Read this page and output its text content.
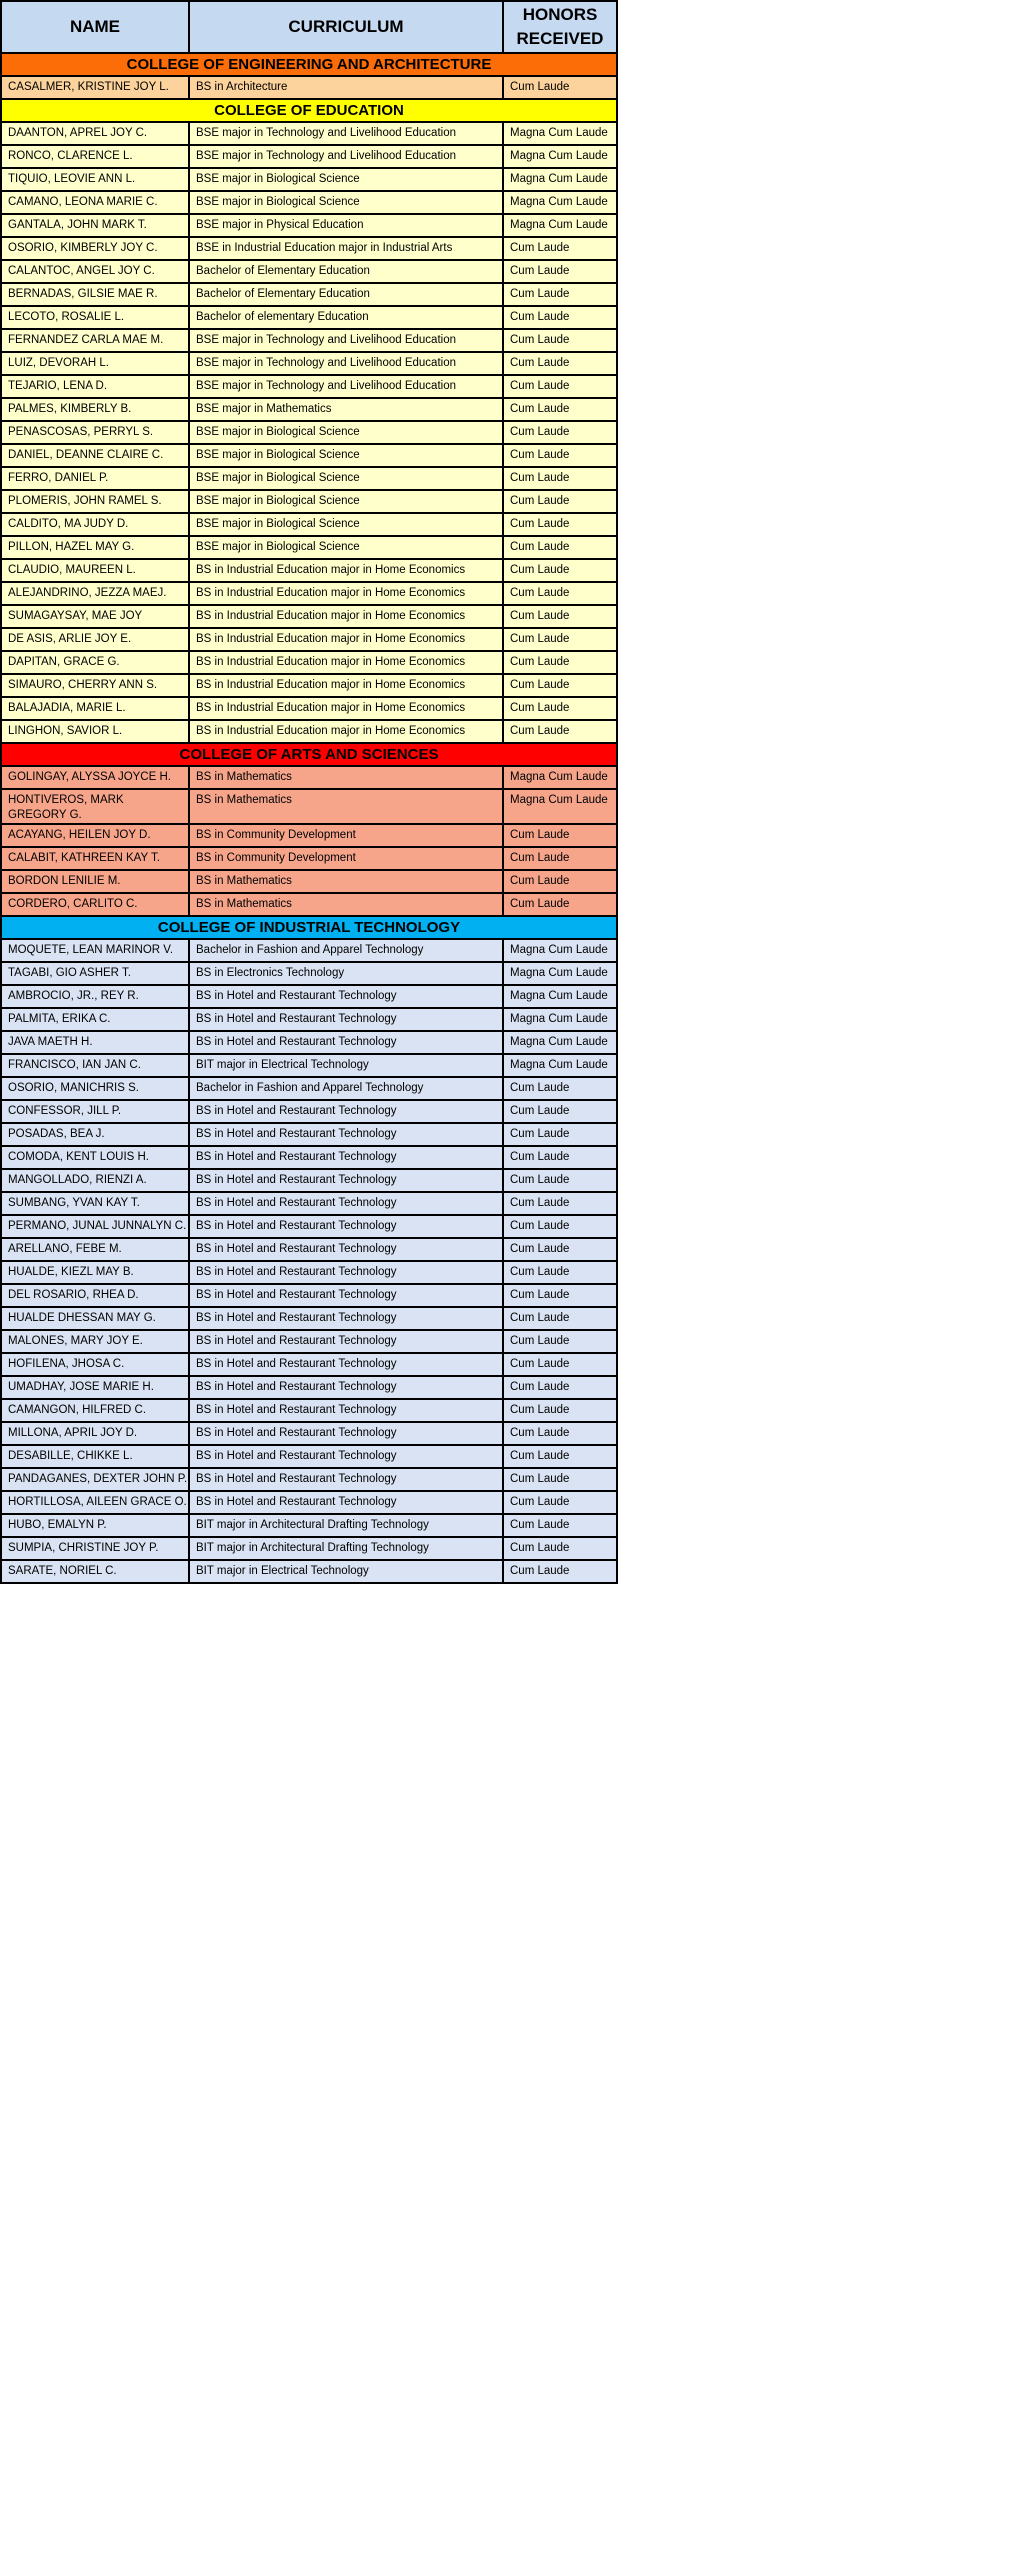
NAME	CURRICULUM	HONORS RECEIVED
COLLEGE OF ENGINEERING AND ARCHITECTURE		
CASALMER, KRISTINE JOY L.	BS in Architecture	Cum Laude
COLLEGE OF EDUCATION		
DAANTON, APREL JOY C.	BSE major in Technology and Livelihood Education	Magna Cum Laude
RONCO, CLARENCE L.	BSE major in Technology and Livelihood Education	Magna Cum Laude
TIQUIO, LEOVIE ANN L.	BSE major in Biological Science	Magna Cum Laude
CAMANO, LEONA MARIE C.	BSE major in Biological Science	Magna Cum Laude
GANTALA, JOHN MARK T.	BSE major in Physical Education	Magna Cum Laude
OSORIO, KIMBERLY JOY C.	BSE in Industrial Education major in Industrial Arts	Cum Laude
CALANTOC, ANGEL JOY C.	Bachelor of Elementary Education	Cum Laude
BERNADAS, GILSIE MAE R.	Bachelor of Elementary Education	Cum Laude
LECOTO, ROSALIE L.	Bachelor of elementary Education	Cum Laude
FERNANDEZ CARLA MAE M.	BSE major in Technology and Livelihood Education	Cum Laude
LUIZ, DEVORAH L.	BSE major in Technology and Livelihood Education	Cum Laude
TEJARIO, LENA D.	BSE major in Technology and Livelihood Education	Cum Laude
PALMES, KIMBERLY B.	BSE major in Mathematics	Cum Laude
PENASCOSAS, PERRYL S.	BSE major in Biological Science	Cum Laude
DANIEL, DEANNE CLAIRE C.	BSE major in Biological Science	Cum Laude
FERRO, DANIEL P.	BSE major in Biological Science	Cum Laude
PLOMERIS, JOHN RAMEL S.	BSE major in Biological Science	Cum Laude
CALDITO, MA JUDY D.	BSE major in Biological Science	Cum Laude
PILLON, HAZEL MAY G.	BSE major in Biological Science	Cum Laude
CLAUDIO, MAUREEN L.	BS in Industrial Education major in Home Economics	Cum Laude
ALEJANDRINO, JEZZA MAEJ.	BS in Industrial Education major in Home Economics	Cum Laude
SUMAGAYSAY, MAE JOY	BS in Industrial Education major in Home Economics	Cum Laude
DE ASIS, ARLIE JOY E.	BS in Industrial Education major in Home Economics	Cum Laude
DAPITAN, GRACE G.	BS in Industrial Education major in Home Economics	Cum Laude
SIMAURO, CHERRY ANN S.	BS in Industrial Education major in Home Economics	Cum Laude
BALAJADIA, MARIE L.	BS in Industrial Education major in Home Economics	Cum Laude
LINGHON, SAVIOR L.	BS in Industrial Education major in Home Economics	Cum Laude
COLLEGE OF ARTS AND SCIENCES		
GOLINGAY, ALYSSA JOYCE H.	BS in Mathematics	Magna Cum Laude
HONTIVEROS, MARK GREGORY G.	BS in Mathematics	Magna Cum Laude
ACAYANG, HEILEN JOY D.	BS in Community Development	Cum Laude
CALABIT, KATHREEN KAY T.	BS in Community Development	Cum Laude
BORDON LENILIE M.	BS in Mathematics	Cum Laude
CORDERO, CARLITO C.	BS in Mathematics	Cum Laude
COLLEGE OF INDUSTRIAL TECHNOLOGY		
MOQUETE, LEAN MARINOR V.	Bachelor in Fashion and Apparel Technology	Magna Cum Laude
TAGABI, GIO ASHER T.	BS in Electronics Technology	Magna Cum Laude
AMBROCIO, JR., REY R.	BS in Hotel and Restaurant Technology	Magna Cum Laude
PALMITA, ERIKA C.	BS in Hotel and Restaurant Technology	Magna Cum Laude
JAVA MAETH H.	BS in Hotel and Restaurant Technology	Magna Cum Laude
FRANCISCO, IAN JAN C.	BIT major in Electrical Technology	Magna Cum Laude
OSORIO, MANICHRIS S.	Bachelor in Fashion and Apparel Technology	Cum Laude
CONFESSOR, JILL P.	BS in Hotel and Restaurant Technology	Cum Laude
POSADAS, BEA J.	BS in Hotel and Restaurant Technology	Cum Laude
COMODA, KENT LOUIS H.	BS in Hotel and Restaurant Technology	Cum Laude
MANGOLLADO, RIENZI A.	BS in Hotel and Restaurant Technology	Cum Laude
SUMBANG, YVAN KAY T.	BS in Hotel and Restaurant Technology	Cum Laude
PERMANO, JUNAL JUNNALYN C.	BS in Hotel and Restaurant Technology	Cum Laude
ARELLANO, FEBE M.	BS in Hotel and Restaurant Technology	Cum Laude
HUALDE, KIEZL MAY B.	BS in Hotel and Restaurant Technology	Cum Laude
DEL ROSARIO, RHEA D.	BS in Hotel and Restaurant Technology	Cum Laude
HUALDE DHESSAN MAY G.	BS in Hotel and Restaurant Technology	Cum Laude
MALONES, MARY JOY E.	BS in Hotel and Restaurant Technology	Cum Laude
HOFILENA, JHOSA C.	BS in Hotel and Restaurant Technology	Cum Laude
UMADHAY, JOSE MARIE H.	BS in Hotel and Restaurant Technology	Cum Laude
CAMANGON, HILFRED C.	BS in Hotel and Restaurant Technology	Cum Laude
MILLONA, APRIL JOY D.	BS in Hotel and Restaurant Technology	Cum Laude
DESABILLE, CHIKKE L.	BS in Hotel and Restaurant Technology	Cum Laude
PANDAGANES, DEXTER JOHN P.	BS in Hotel and Restaurant Technology	Cum Laude
HORTILLOSA, AILEEN GRACE O.	BS in Hotel and Restaurant Technology	Cum Laude
HUBO, EMALYN P.	BIT major in Architectural Drafting Technology	Cum Laude
SUMPIA, CHRISTINE JOY P.	BIT major in Architectural Drafting Technology	Cum Laude
SARATE, NORIEL C.	BIT major in Electrical Technology	Cum Laude
